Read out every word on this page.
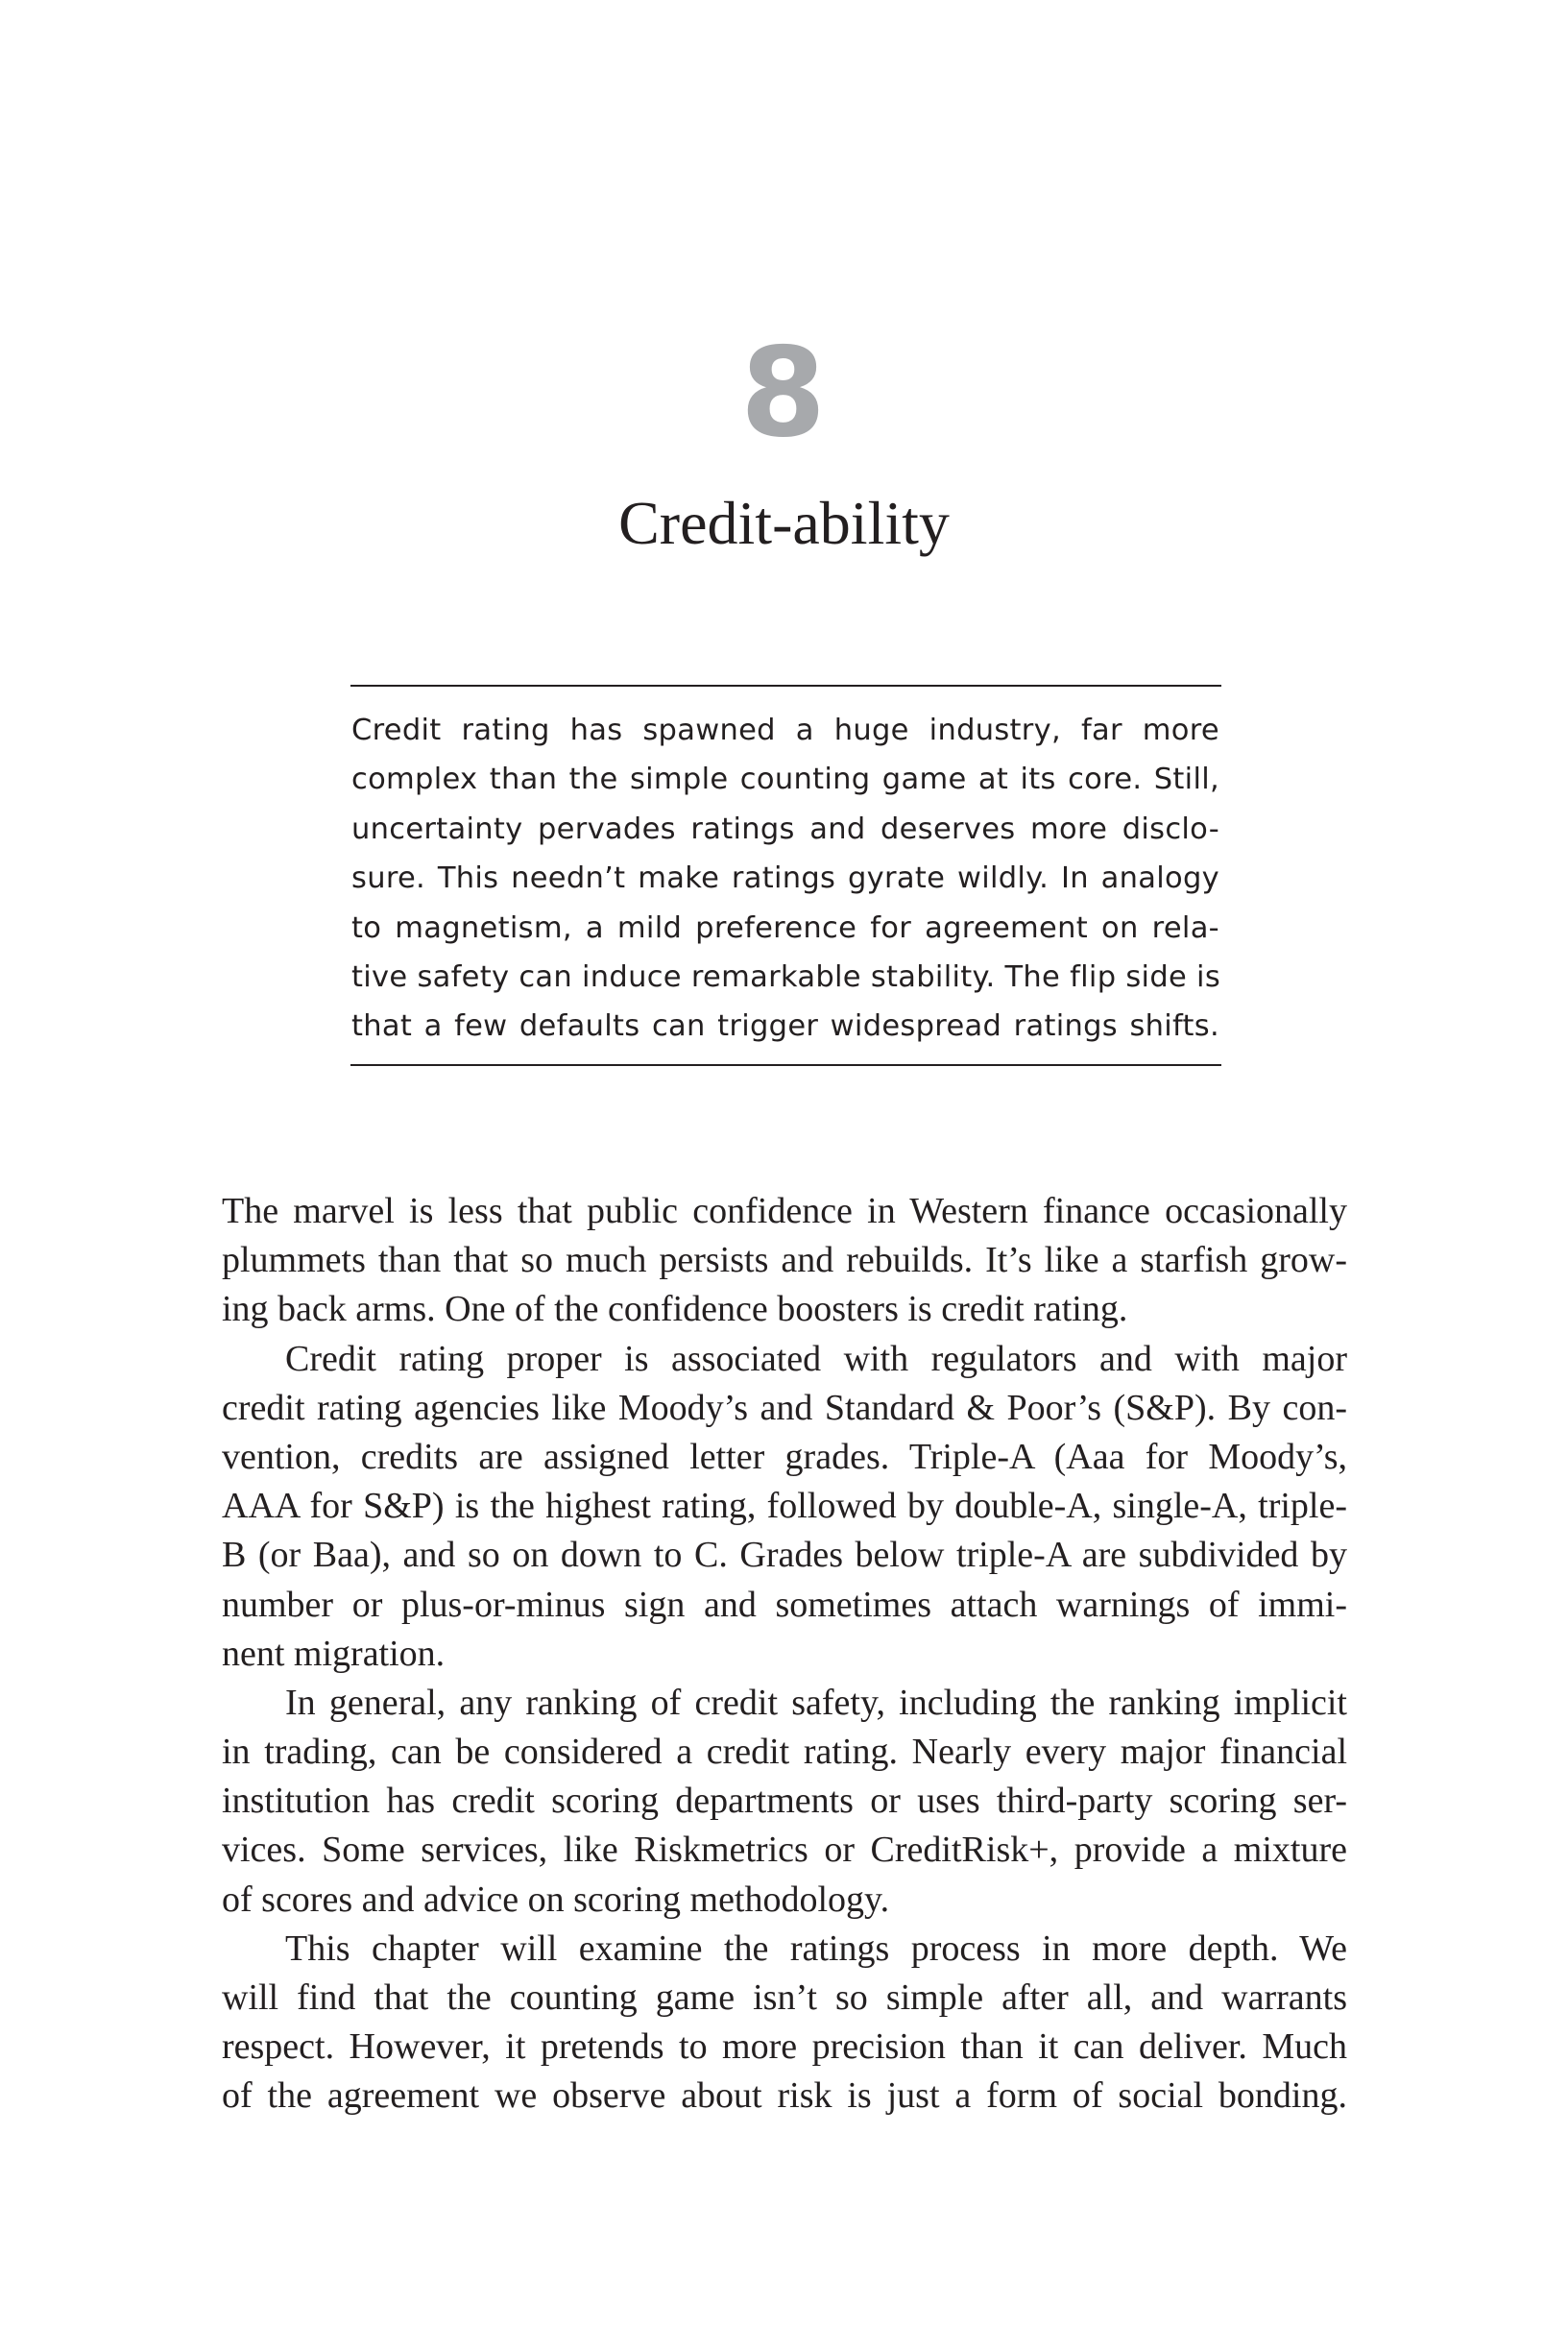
8
Credit-ability
Credit rating has spawned a huge industry, far more
complex than the simple counting game at its core. Still,
uncertainty pervades ratings and deserves more disclo-
sure. This needn’t make ratings gyrate wildly. In analogy
to magnetism, a mild preference for agreement on rela-
tive safety can induce remarkable stability. The flip side is
that a few defaults can trigger widespread ratings shifts.
The marvel is less that public confidence in Western finance occasionally
plummets than that so much persists and rebuilds. It’s like a starfish grow-
ing back arms. One of the confidence boosters is credit rating.
Credit rating proper is associated with regulators and with major
credit rating agencies like Moody’s and Standard & Poor’s (S&P). By con-
vention, credits are assigned letter grades. Triple-A (Aaa for Moody’s,
AAA for S&P) is the highest rating, followed by double-A, single-A, triple-
B (or Baa), and so on down to C. Grades below triple-A are subdivided by
number or plus-or-minus sign and sometimes attach warnings of immi-
nent migration.
In general, any ranking of credit safety, including the ranking implicit
in trading, can be considered a credit rating. Nearly every major financial
institution has credit scoring departments or uses third-party scoring ser-
vices. Some services, like Riskmetrics or CreditRisk+, provide a mixture
of scores and advice on scoring methodology.
This chapter will examine the ratings process in more depth. We
will find that the counting game isn’t so simple after all, and warrants
respect. However, it pretends to more precision than it can deliver. Much
of the agreement we observe about risk is just a form of social bonding.
